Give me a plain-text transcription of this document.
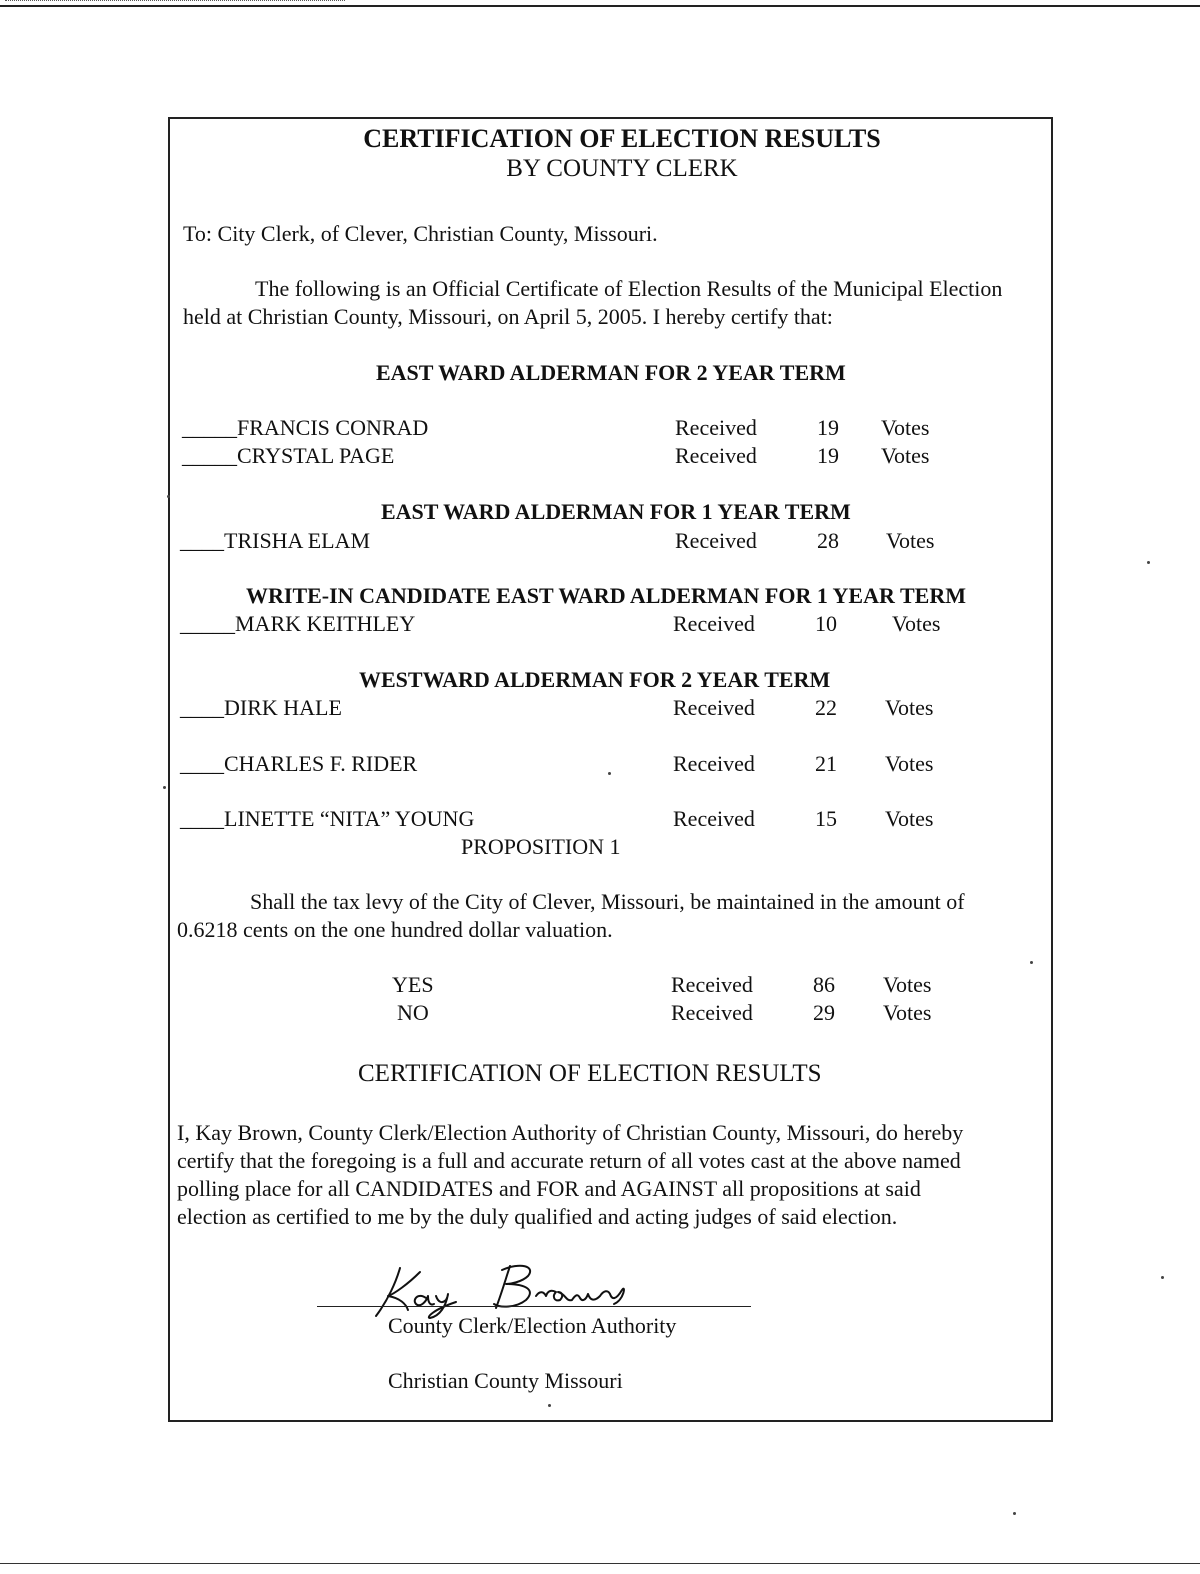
CERTIFICATION OF ELECTION RESULTS
BY COUNTY CLERK
To: City Clerk, of Clever, Christian County, Missouri.
The following is an Official Certificate of Election Results of the Municipal Election
held at Christian County, Missouri, on April 5, 2005. I hereby certify that:
EAST WARD ALDERMAN FOR 2 YEAR TERM
_____FRANCIS CONRAD	Received	19 Votes
_____CRYSTAL PAGE	Received	19 Votes
EAST WARD ALDERMAN FOR 1 YEAR TERM
____TRISHA ELAM	Received	28 Votes
WRITE-IN CANDIDATE EAST WARD ALDERMAN FOR 1 YEAR TERM
_____MARK KEITHLEY	Received	10	Votes
WESTWARD ALDERMAN FOR 2 YEAR TERM
____DIRK HALE	Received	22 Votes
____CHARLES F. RIDER	Received	21 Votes
____LINETTE “NITA” YOUNG	Received	15 Votes
PROPOSITION 1
Shall the tax levy of the City of Clever, Missouri, be maintained in the amount of
0.6218 cents on the one hundred dollar valuation.
YES	Received	86 Votes
NO	Received	29 Votes
CERTIFICATION OF ELECTION RESULTS
I, Kay Brown, County Clerk/Election Authority of Christian County, Missouri, do hereby
certify that the foregoing is a full and accurate return of all votes cast at the above named
polling place for all CANDIDATES and FOR and AGAINST all propositions at said
election as certified to me by the duly qualified and acting judges of said election.
County Clerk/Election Authority
Christian County Missouri
